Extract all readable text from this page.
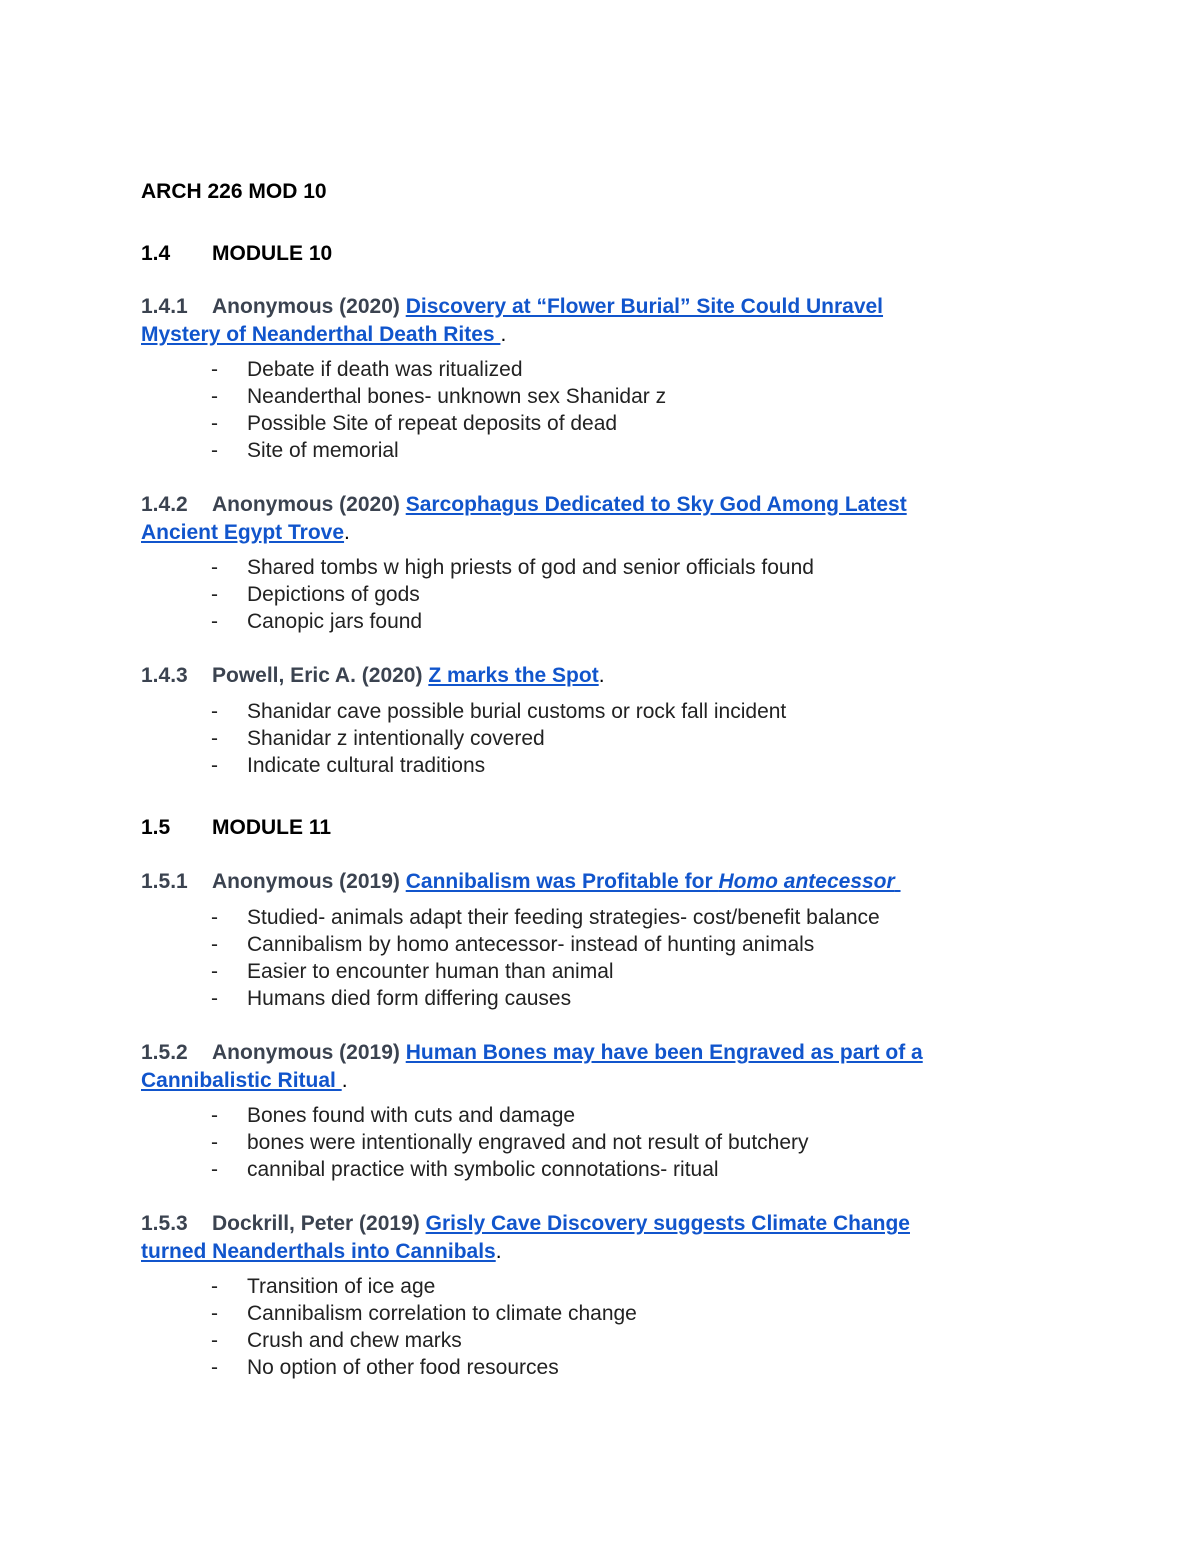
ARCH 226 MOD 10
1.4 MODULE 10
1.4.1 Anonymous (2020) Discovery at “Flower Burial” Site Could Unravel
Mystery of Neanderthal Death Rites .
- Debate if death was ritualized
- Neanderthal bones- unknown sex Shanidar z
- Possible Site of repeat deposits of dead
- Site of memorial
1.4.2 Anonymous (2020) Sarcophagus Dedicated to Sky God Among Latest
Ancient Egypt Trove.
- Shared tombs w high priests of god and senior officials found
- Depictions of gods
- Canopic jars found
1.4.3 Powell, Eric A. (2020) Z marks the Spot.
- Shanidar cave possible burial customs or rock fall incident
- Shanidar z intentionally covered
- Indicate cultural traditions
1.5 MODULE 11
1.5.1 Anonymous (2019) Cannibalism was Profitable for Homo antecessor
- Studied- animals adapt their feeding strategies- cost/benefit balance
- Cannibalism by homo antecessor- instead of hunting animals
- Easier to encounter human than animal
- Humans died form differing causes
1.5.2 Anonymous (2019) Human Bones may have been Engraved as part of a
Cannibalistic Ritual .
- Bones found with cuts and damage
- bones were intentionally engraved and not result of butchery
- cannibal practice with symbolic connotations- ritual
1.5.3 Dockrill, Peter (2019) Grisly Cave Discovery suggests Climate Change
turned Neanderthals into Cannibals.
- Transition of ice age
- Cannibalism correlation to climate change
- Crush and chew marks
- No option of other food resources
